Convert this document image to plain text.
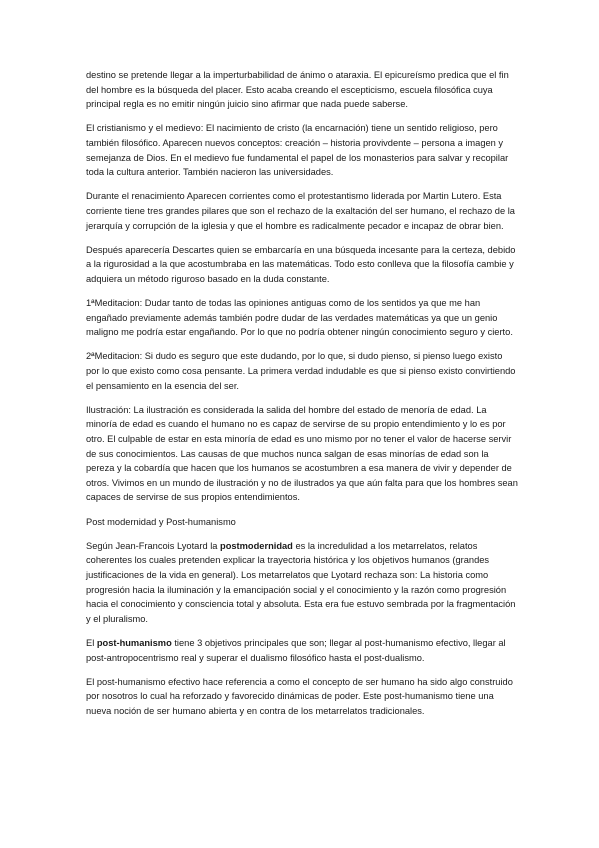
destino se pretende llegar a la imperturbabilidad de ánimo o ataraxia. El epicureísmo predica que el fin del hombre es la búsqueda del placer. Esto acaba creando el escepticismo, escuela filosófica cuya principal regla es no emitir ningún juicio sino afirmar que nada puede saberse.

El cristianismo y el medievo: El nacimiento de cristo (la encarnación) tiene un sentido religioso, pero también filosófico. Aparecen nuevos conceptos: creación – historia provivdente – persona a imagen y semejanza de Dios. En el medievo fue fundamental el papel de los monasterios para salvar y recopilar toda la cultura anterior. También nacieron las universidades.

Durante el renacimiento Aparecen corrientes como el protestantismo liderada por Martin Lutero. Esta corriente tiene tres grandes pilares que son el rechazo de la exaltación del ser humano, el rechazo de la jerarquía y corrupción de la iglesia y que el hombre es radicalmente pecador e incapaz de obrar bien.

Después aparecería Descartes quien se embarcaría en una búsqueda incesante para la certeza, debido a la rigurosidad a la que acostumbraba en las matemáticas. Todo esto conlleva que la filosofía cambie y adquiera un método riguroso basado en la duda constante.

1ªMeditacion: Dudar tanto de todas las opiniones antiguas como de los sentidos ya que me han engañado previamente además también podre dudar de las verdades matemáticas ya que un genio maligno me podría estar engañando. Por lo que no podría obtener ningún conocimiento seguro y cierto.

2ªMeditacion: Si dudo es seguro que este dudando, por lo que, si dudo pienso, si pienso luego existo por lo que existo como cosa pensante. La primera verdad indudable es que si pienso existo convirtiendo el pensamiento en la esencia del ser.

Ilustración: La ilustración es considerada la salida del hombre del estado de menoría de edad. La minoría de edad es cuando el humano no es capaz de servirse de su propio entendimiento y lo es por otro. El culpable de estar en esta minoría de edad es uno mismo por no tener el valor de hacerse servir de sus conocimientos. Las causas de que muchos nunca salgan de esas minorías de edad son la pereza y la cobardía que hacen que los humanos se acostumbren a esa manera de vivir y depender de otros. Vivimos en un mundo de ilustración y no de ilustrados ya que aún falta para que los hombres sean capaces de servirse de sus propios entendimientos.

Post modernidad y Post-humanismo

Según Jean-Francois Lyotard la postmodernidad es la incredulidad a los metarrelatos, relatos coherentes los cuales pretenden explicar la trayectoria histórica y los objetivos humanos (grandes justificaciones de la vida en general). Los metarrelatos que Lyotard rechaza son: La historia como progresión hacia la iluminación y la emancipación social y el conocimiento y la razón como progresión hacia el conocimiento y consciencia total y absoluta. Esta era fue estuvo sembrada por la fragmentación y el pluralismo.

El post-humanismo tiene 3 objetivos principales que son; llegar al post-humanismo efectivo, llegar al post-antropocentrismo real y superar el dualismo filosófico hasta el post-dualismo.

El post-humanismo efectivo hace referencia a como el concepto de ser humano ha sido algo construido por nosotros lo cual ha reforzado y favorecido dinámicas de poder. Este post-humanismo tiene una nueva noción de ser humano abierta y en contra de los metarrelatos tradicionales.
